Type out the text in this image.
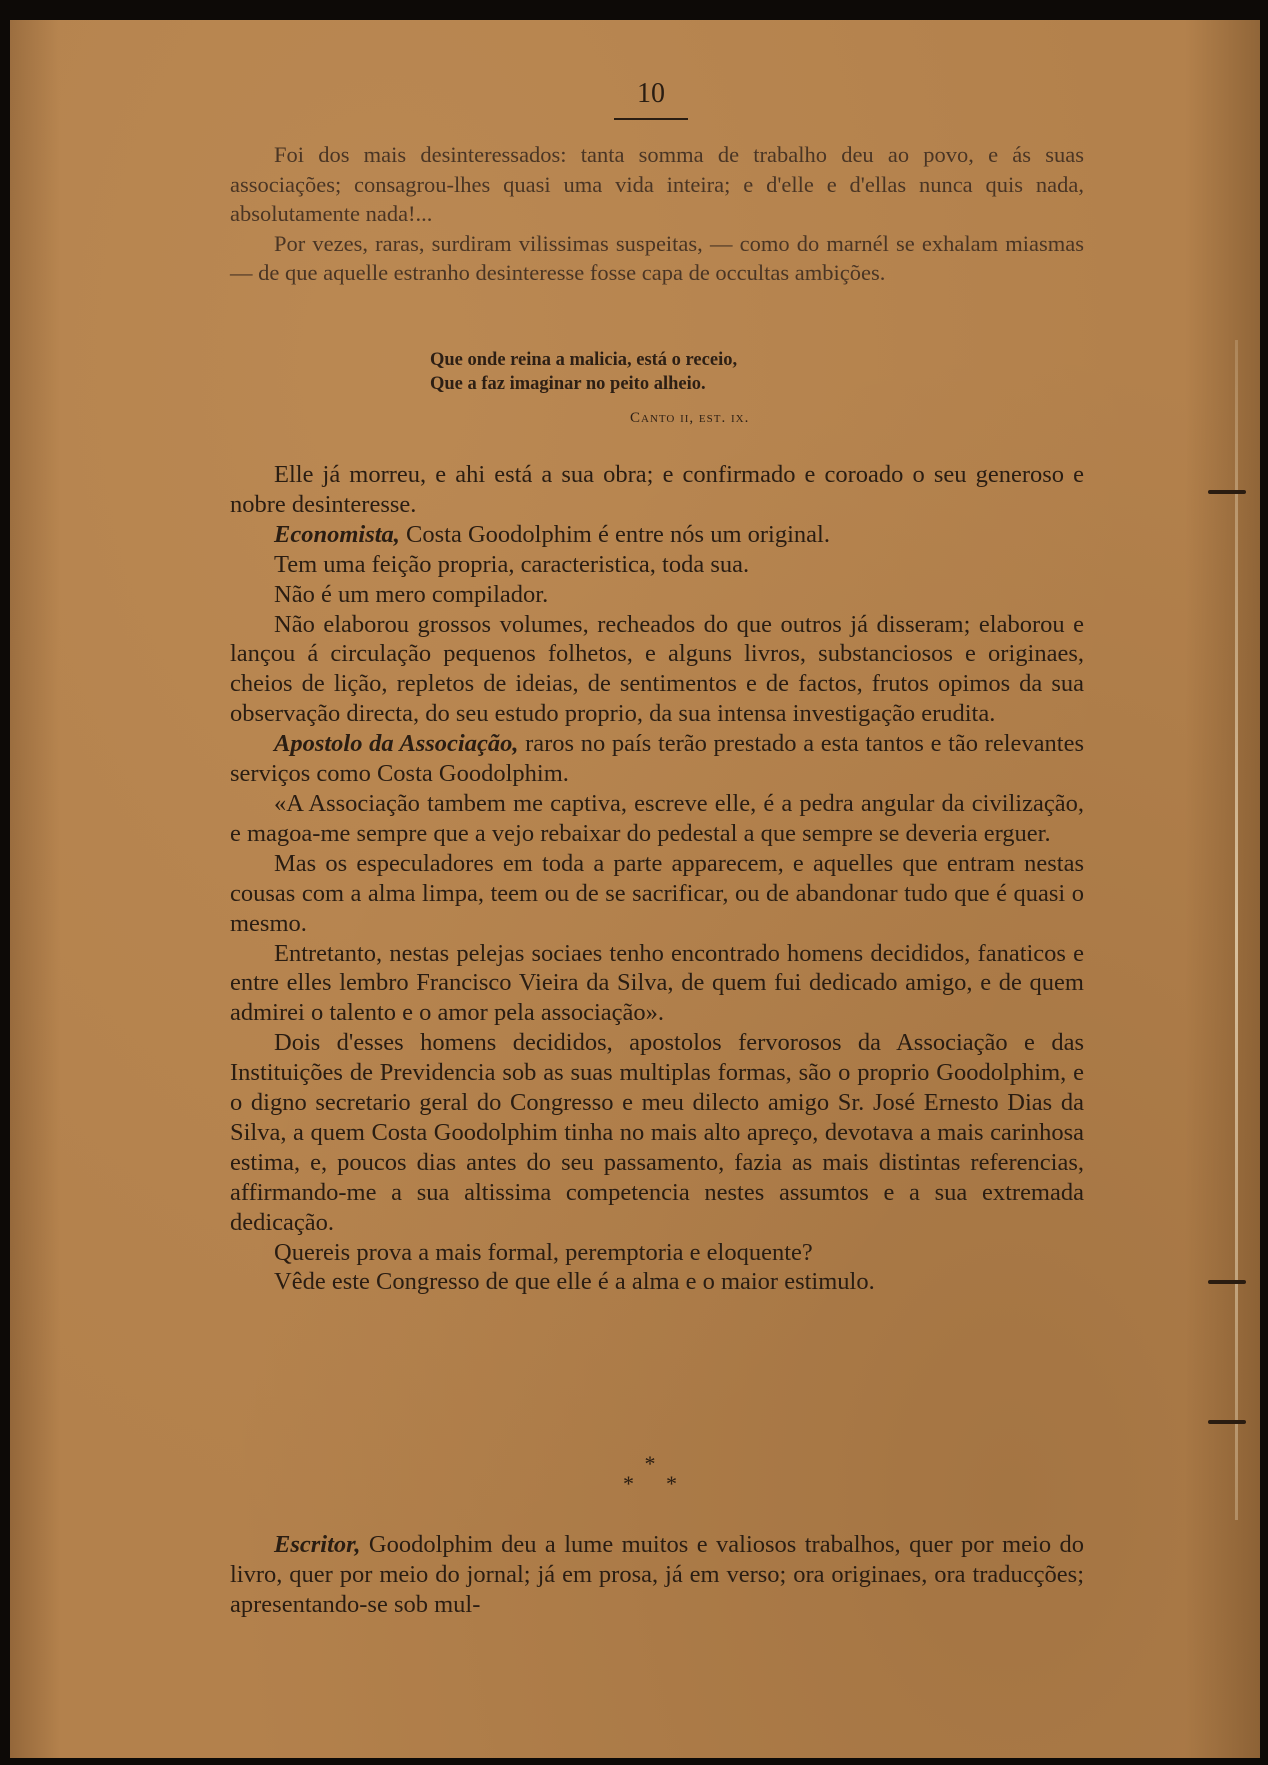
10

Foi dos mais desinteressados: tanta somma de trabalho deu ao povo, e ás suas associações; consagrou-lhes quasi uma vida inteira; e d'elle e d'ellas nunca quis nada, absolutamente nada!...

Por vezes, raras, surdiram vilissimas suspeitas, — como do marnél se exhalam miasmas — de que aquelle estranho desinteresse fosse capa de occultas ambições.

Que onde reina a malicia, está o receio,
Que a faz imaginar no peito alheio.
Canto ii, est. ix.

Elle já morreu, e ahi está a sua obra; e confirmado e coroado o seu generoso e nobre desinteresse.

Economista, Costa Goodolphim é entre nós um original.

Tem uma feição propria, caracteristica, toda sua.

Não é um mero compilador.

Não elaborou grossos volumes, recheados do que outros já disseram; elaborou e lançou á circulação pequenos folhetos, e alguns livros, substanciosos e originaes, cheios de lição, repletos de ideias, de sentimentos e de factos, frutos opimos da sua observação directa, do seu estudo proprio, da sua intensa investigação erudita.

Apostolo da Associação, raros no país terão prestado a esta tantos e tão relevantes serviços como Costa Goodolphim.

«A Associação tambem me captiva, escreve elle, é a pedra angular da civilização, e magoa-me sempre que a vejo rebaixar do pedestal a que sempre se deveria erguer.

Mas os especuladores em toda a parte apparecem, e aquelles que entram nestas cousas com a alma limpa, teem ou de se sacrificar, ou de abandonar tudo que é quasi o mesmo.

Entretanto, nestas pelejas sociaes tenho encontrado homens decididos, fanaticos e entre elles lembro Francisco Vieira da Silva, de quem fui dedicado amigo, e de quem admirei o talento e o amor pela associação».

Dois d'esses homens decididos, apostolos fervorosos da Associação e das Instituições de Previdencia sob as suas multiplas formas, são o proprio Goodolphim, e o digno secretario geral do Congresso e meu dilecto amigo Sr. José Ernesto Dias da Silva, a quem Costa Goodolphim tinha no mais alto apreço, devotava a mais carinhosa estima, e, poucos dias antes do seu passamento, fazia as mais distintas referencias, affirmando-me a sua altissima competencia nestes assumtos e a sua extremada dedicação.

Quereis prova a mais formal, peremptoria e eloquente?

Vêde este Congresso de que elle é a alma e o maior estimulo.

*
* *

Escritor, Goodolphim deu a lume muitos e valiosos trabalhos, quer por meio do livro, quer por meio do jornal; já em prosa, já em verso; ora originaes, ora traducções; apresentando-se sob mul-
